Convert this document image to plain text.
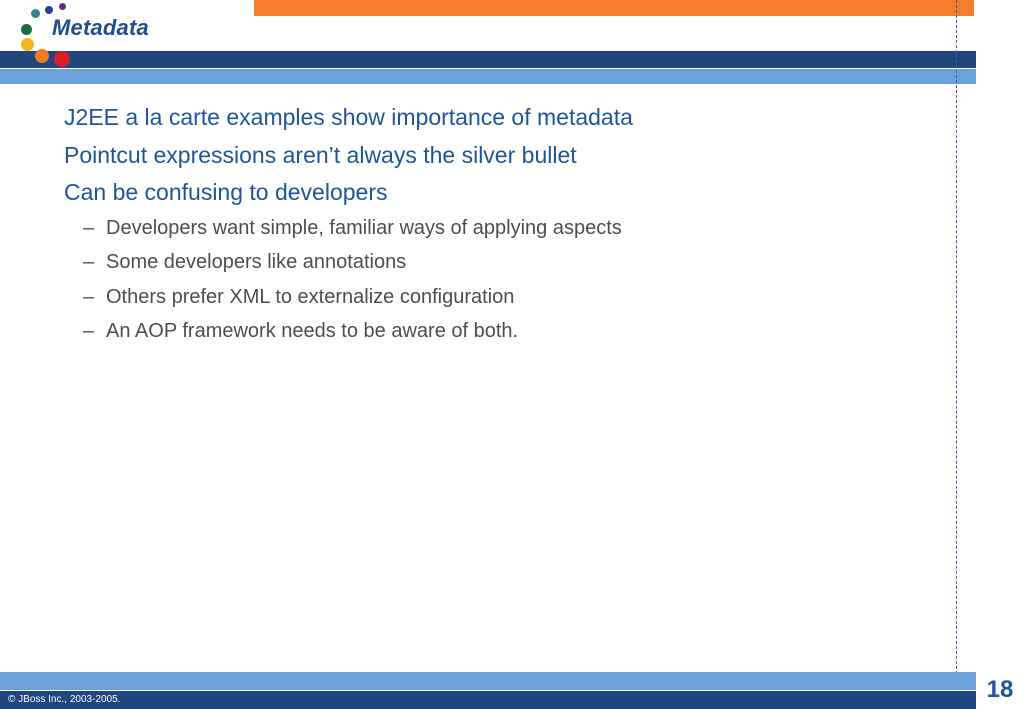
Metadata
J2EE a la carte examples show importance of metadata
Pointcut expressions aren’t always the silver bullet
Can be confusing to developers
– Developers want simple, familiar ways of applying aspects
– Some developers like annotations
– Others prefer XML to externalize configuration
– An AOP framework needs to be aware of both.
© JBoss Inc., 2003-2005.	18
